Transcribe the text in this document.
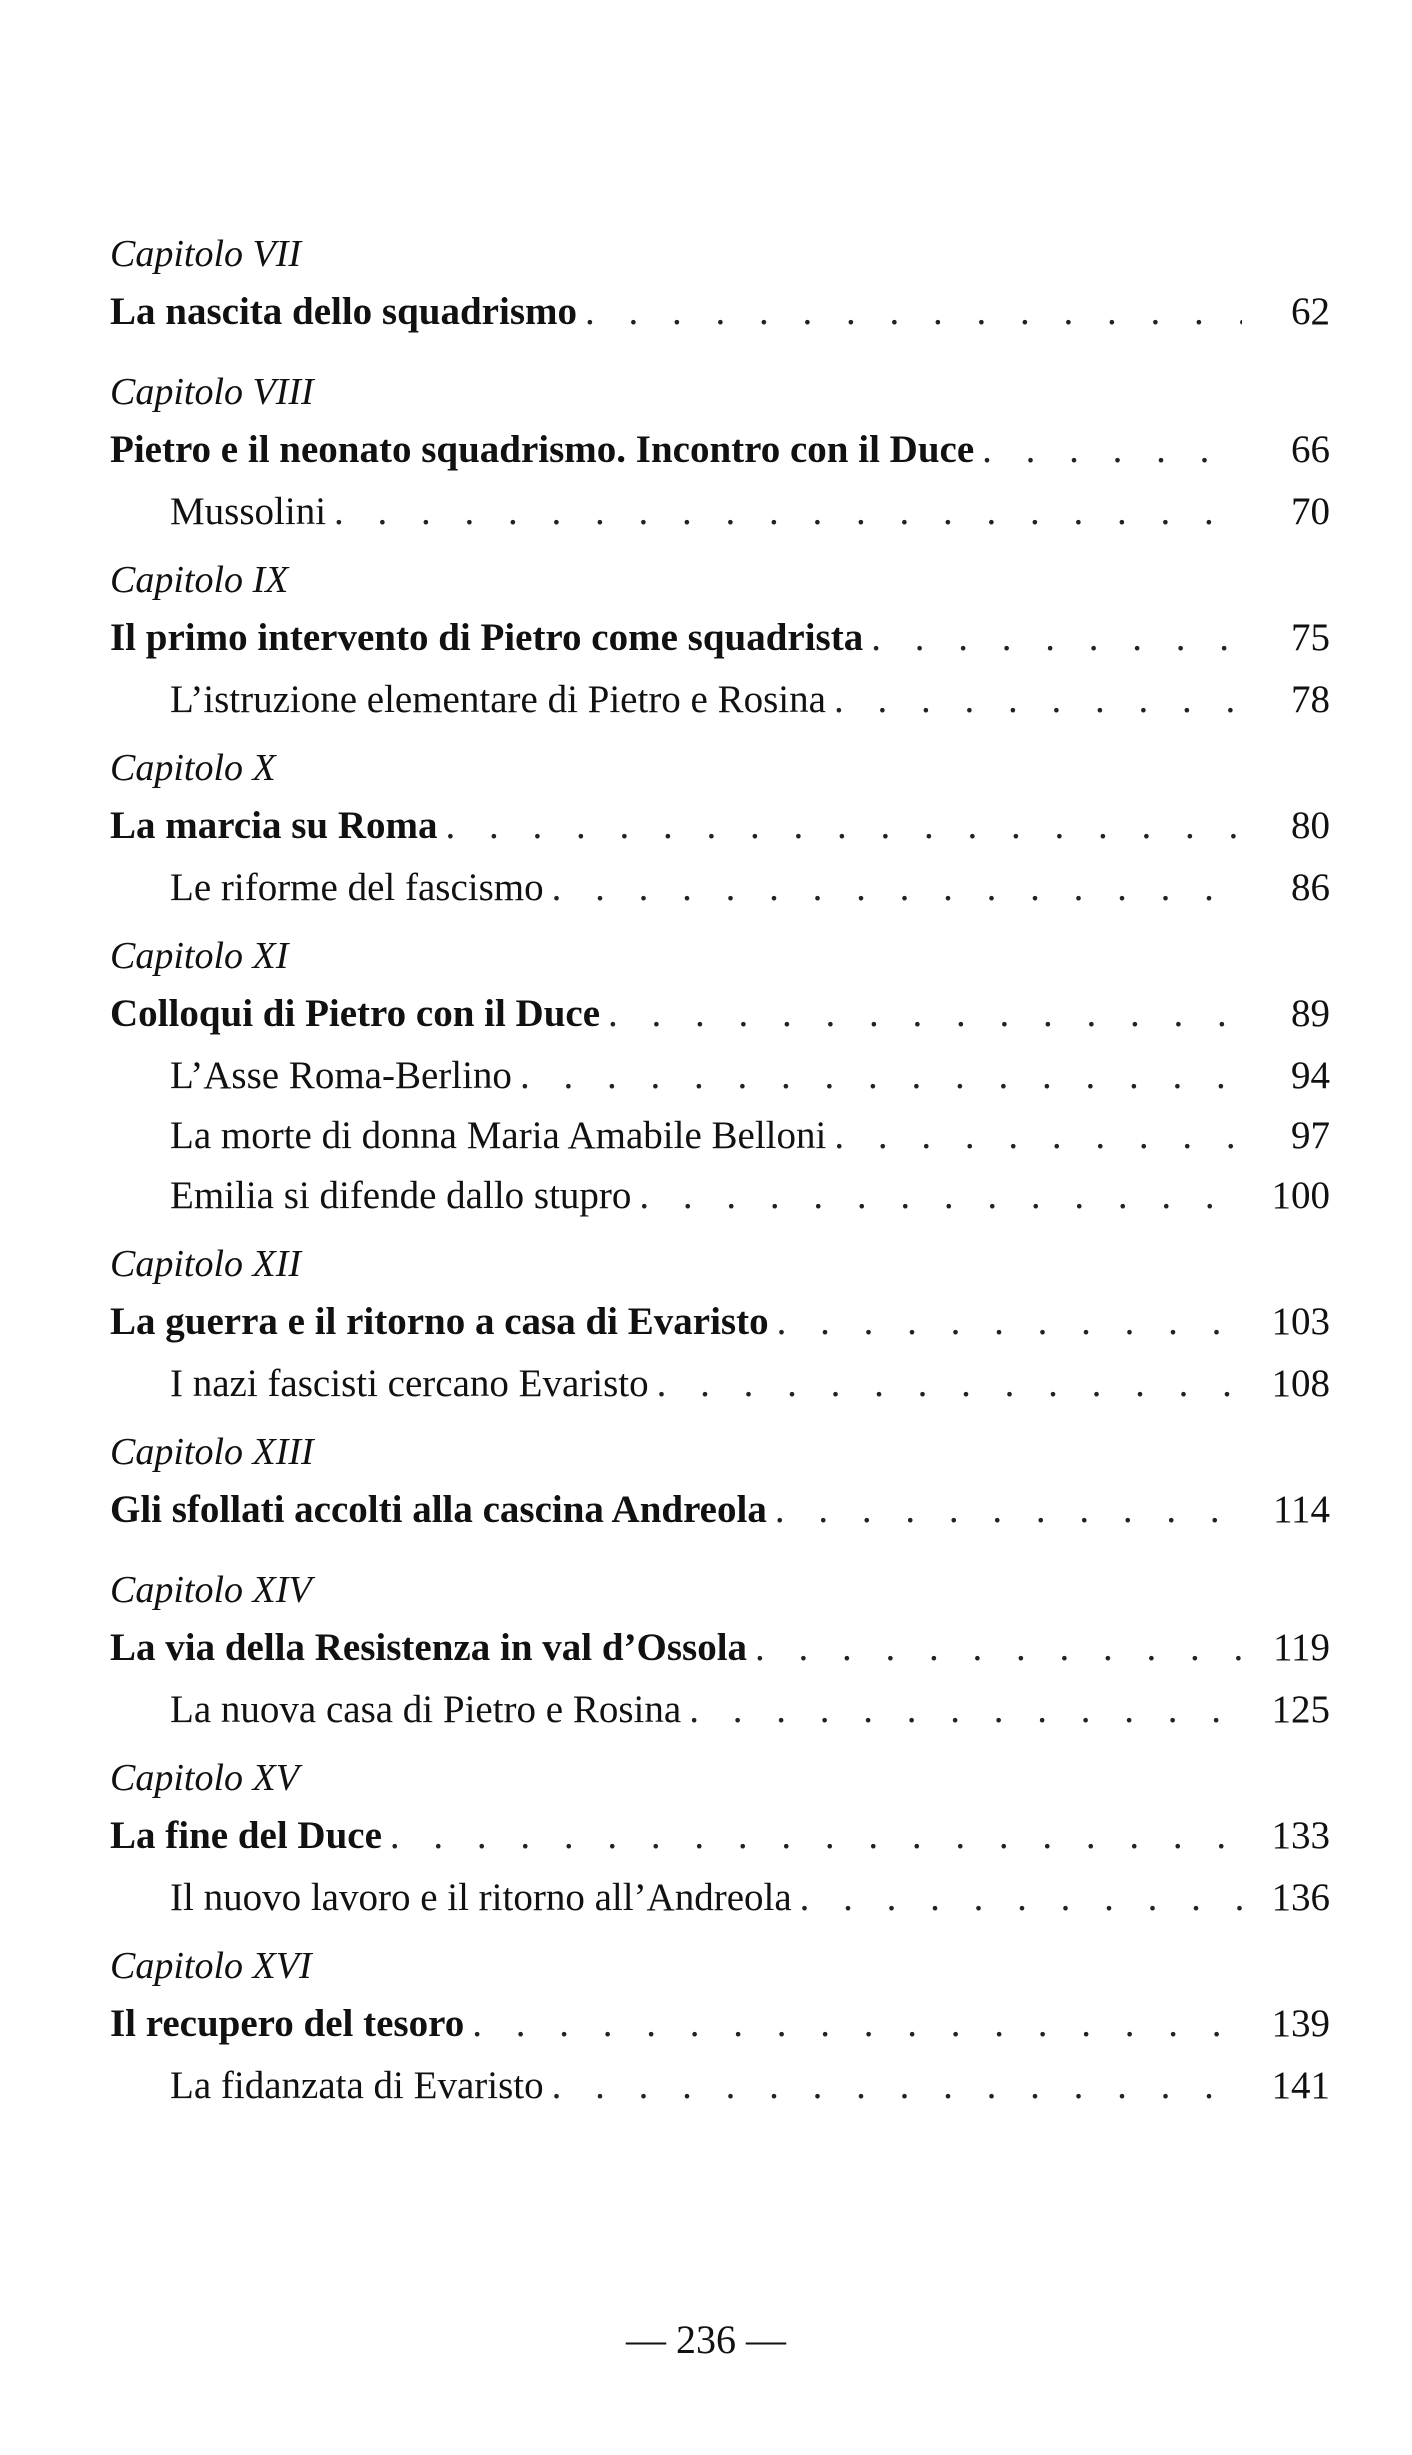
Capitolo VII
La nascita dello squadrismo . . .	62
Capitolo VIII
Pietro e il neonato squadrismo. Incontro con il Duce . . .	66
Mussolini . . .	70
Capitolo IX
Il primo intervento di Pietro come squadrista . . .	75
L’istruzione elementare di Pietro e Rosina . . .	78
Capitolo X
La marcia su Roma . . .	80
Le riforme del fascismo . . .	86
Capitolo XI
Colloqui di Pietro con il Duce . . .	89
L’Asse Roma-Berlino . . .	94
La morte di donna Maria Amabile Belloni . . .	97
Emilia si difende dallo stupro . . .	100
Capitolo XII
La guerra e il ritorno a casa di Evaristo . . .	103
I nazi fascisti cercano Evaristo . . .	108
Capitolo XIII
Gli sfollati accolti alla cascina Andreola . . .	114
Capitolo XIV
La via della Resistenza in val d’Ossola . . .	119
La nuova casa di Pietro e Rosina . . .	125
Capitolo XV
La fine del Duce . . .	133
Il nuovo lavoro e il ritorno all’Andreola . . .	136
Capitolo XVI
Il recupero del tesoro . . .	139
La fidanzata di Evaristo . . .	141
— 236 —
